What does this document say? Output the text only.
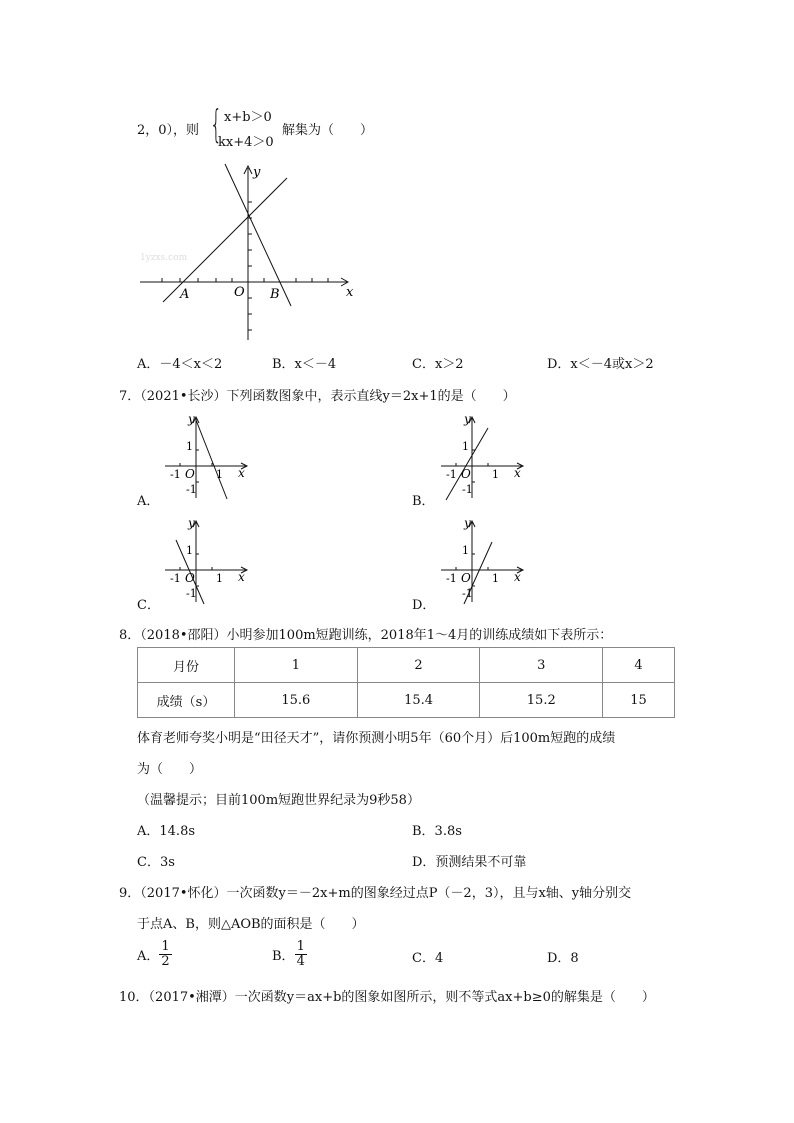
2，0），则 { x+b＞0
kx+4＞0
解集为（　　）
1yzxs.com
y
x
O
A	B
A．－4＜x＜2	B．x＜－4	C．x＞2	D．x＜－4或x＞2
7．（2021•长沙）下列函数图象中，表示直线y＝2x+1的是（　　）
y
x
O
1
-1	1
-1
A．
y
x
O
1
-1	1
-1
B．
y
x
O
1
-1	1
-1
C．
y
x
O
1
-1	1
-1
D．
8．（2018•邵阳）小明参加100m短跑训练，2018年1～4月的训练成绩如下表所示：
月份	1	2	3	4
成绩（s）	15.6	15.4	15.2	15
体育老师夸奖小明是“田径天才”，请你预测小明5年（60个月）后100m短跑的成绩
为（　　）
（温馨提示；目前100m短跑世界纪录为9秒58）
A．14.8s	B．3.8s
C．3s	D．预测结果不可靠
9．（2017•怀化）一次函数y＝－2x+m的图象经过点P（－2，3），且与x轴、y轴分别交
于点A、B，则△AOB的面积是（　　）
A． $\frac{1}{2}$	B． $\frac{1}{4}$	C．4	D．8
10．（2017•湘潭）一次函数y＝ax+b的图象如图所示，则不等式ax+b≥0的解集是（　　）
